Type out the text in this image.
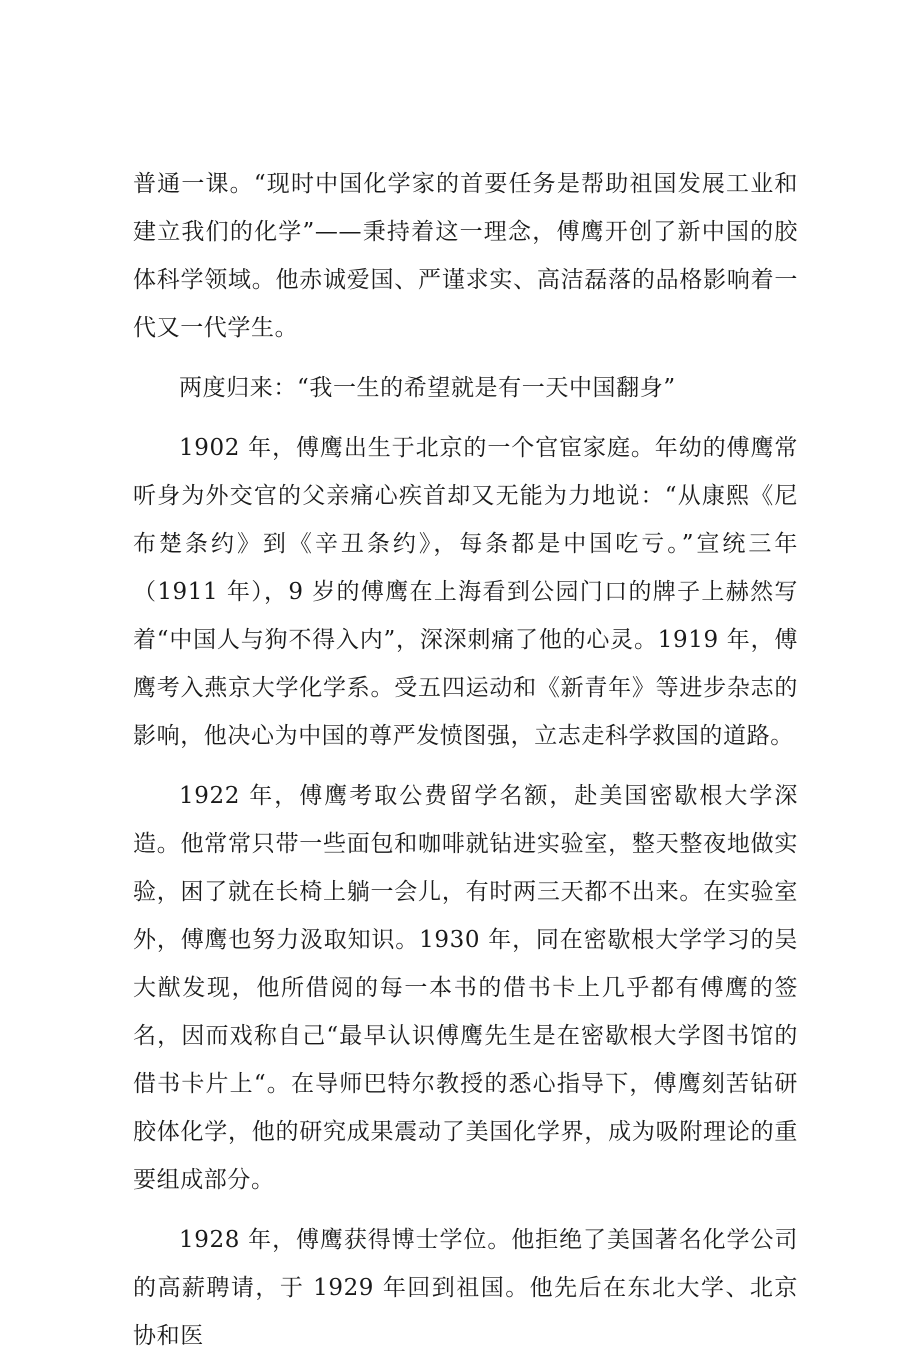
普通一课。“现时中国化学家的首要任务是帮助祖国发展工业和建立我们的化学”——秉持着这一理念，傅鹰开创了新中国的胶体科学领域。他赤诚爱国、严谨求实、高洁磊落的品格影响着一代又一代学生。

两度归来：“我一生的希望就是有一天中国翻身”

1902 年，傅鹰出生于北京的一个官宦家庭。年幼的傅鹰常听身为外交官的父亲痛心疾首却又无能为力地说：“从康熙《尼布楚条约》到《辛丑条约》，每条都是中国吃亏。”宣统三年（1911 年），9 岁的傅鹰在上海看到公园门口的牌子上赫然写着“中国人与狗不得入内”，深深刺痛了他的心灵。1919 年，傅鹰考入燕京大学化学系。受五四运动和《新青年》等进步杂志的影响，他决心为中国的尊严发愤图强，立志走科学救国的道路。

1922 年，傅鹰考取公费留学名额，赴美国密歇根大学深造。他常常只带一些面包和咖啡就钻进实验室，整天整夜地做实验，困了就在长椅上躺一会儿，有时两三天都不出来。在实验室外，傅鹰也努力汲取知识。1930 年，同在密歇根大学学习的吴大猷发现，他所借阅的每一本书的借书卡上几乎都有傅鹰的签名，因而戏称自己“最早认识傅鹰先生是在密歇根大学图书馆的借书卡片上“。在导师巴特尔教授的悉心指导下，傅鹰刻苦钻研胶体化学，他的研究成果震动了美国化学界，成为吸附理论的重要组成部分。

1928 年，傅鹰获得博士学位。他拒绝了美国著名化学公司的高薪聘请，于 1929 年回到祖国。他先后在东北大学、北京协和医
